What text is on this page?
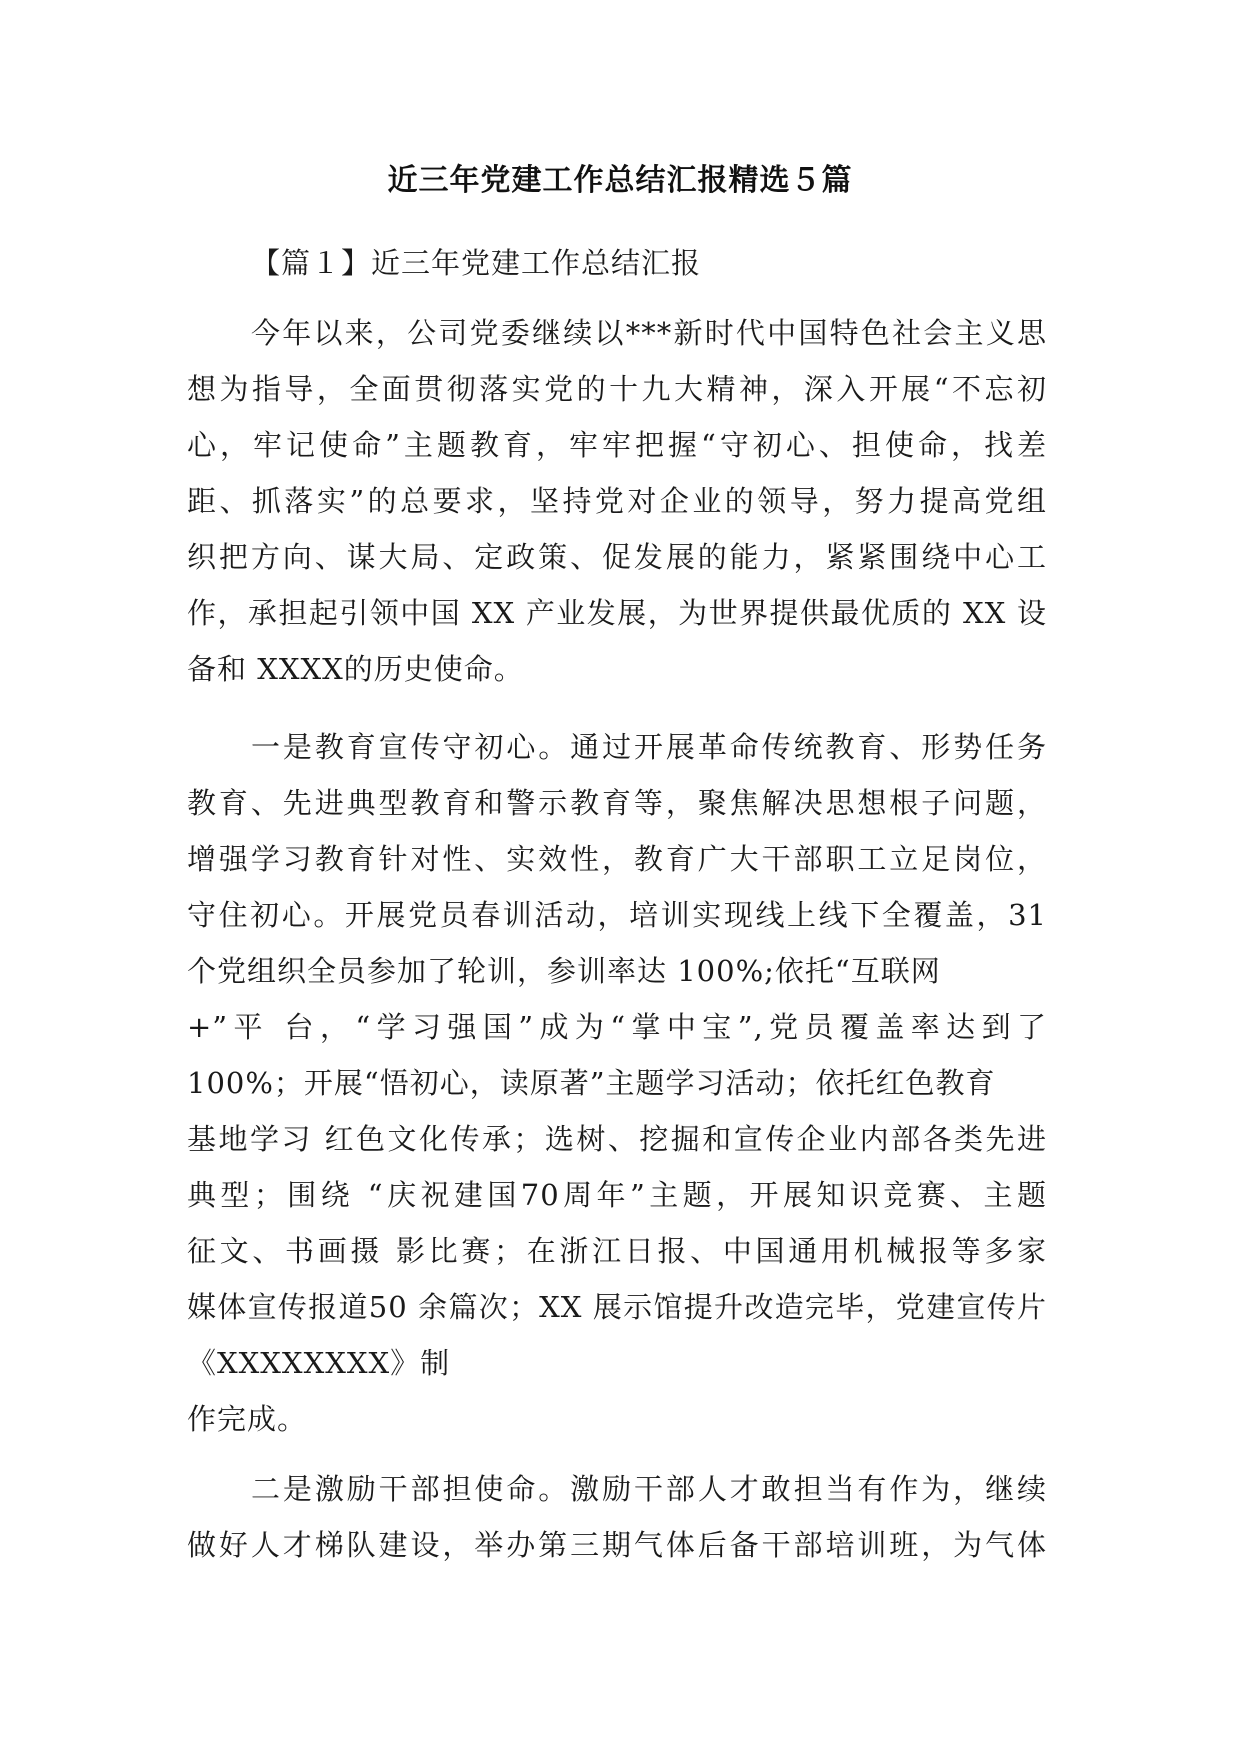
近三年党建工作总结汇报精选５篇
【篇１】近三年党建工作总结汇报
今年以来，公司党委继续以***新时代中国特色社会主义思
想为指导，全面贯彻落实党的十九大精神，深入开展“不忘初
心，牢记使命”主题教育，牢牢把握“守初心、担使命，找差
距、抓落实”的总要求，坚持党对企业的领导，努力提高党组
织把方向、谋大局、定政策、促发展的能力，紧紧围绕中心工
作，承担起引领中国 XX 产业发展，为世界提供最优质的 XX 设
备和 XXXX的历史使命。
一是教育宣传守初心。通过开展革命传统教育、形势任务
教育、先进典型教育和警示教育等，聚焦解决思想根子问题，
增强学习教育针对性、实效性，教育广大干部职工立足岗位，
守住初心。开展党员春训活动，培训实现线上线下全覆盖，31
个党组织全员参加了轮训，参训率达 100%;依托“互联网
+”平 台，“学习强国”成为“掌中宝”,党员覆盖率达到了
100%；开展“悟初心，读原著”主题学习活动；依托红色教育
基地学习 红色文化传承；选树、挖掘和宣传企业内部各类先进
典型；围绕 “庆祝建国70周年”主题，开展知识竞赛、主题
征文、书画摄 影比赛；在浙江日报、中国通用机械报等多家
媒体宣传报道50 余篇次；XX 展示馆提升改造完毕，党建宣传片
《XXXXXXXX》制
作完成。
二是激励干部担使命。激励干部人才敢担当有作为，继续
做好人才梯队建设，举办第三期气体后备干部培训班，为气体
